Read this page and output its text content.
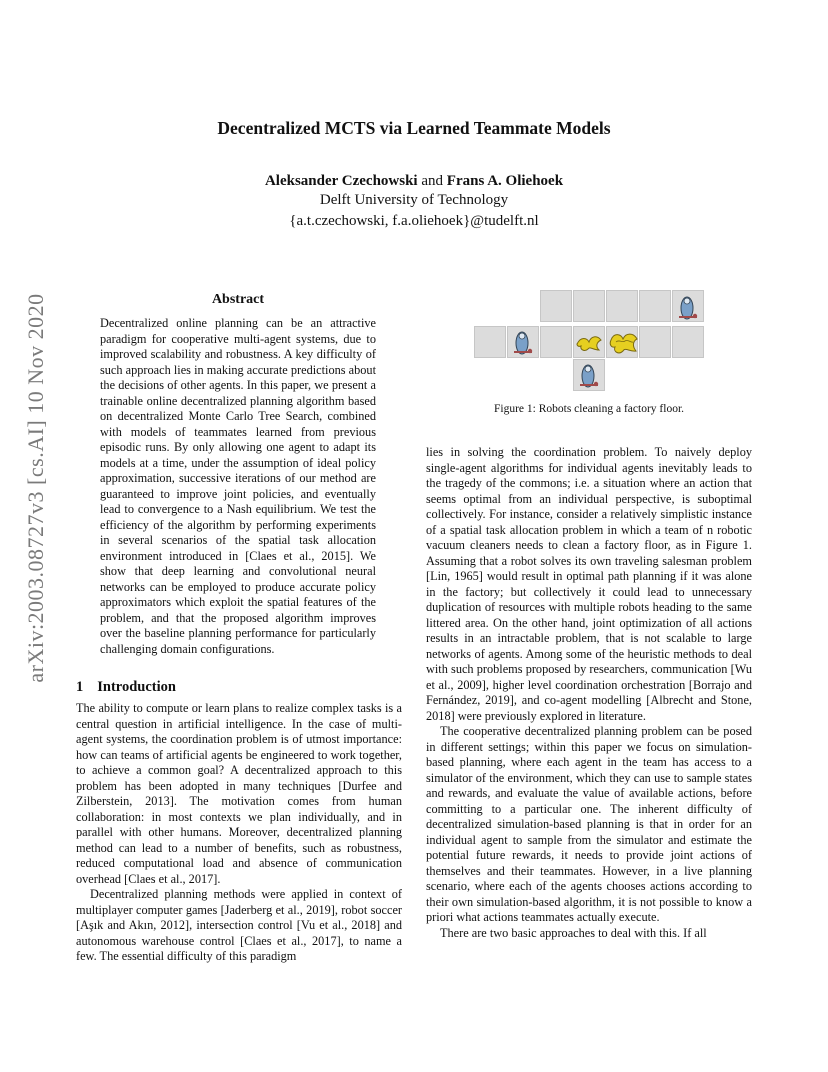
Decentralized MCTS via Learned Teammate Models
Aleksander Czechowski and Frans A. Oliehoek
Delft University of Technology
{a.t.czechowski, f.a.oliehoek}@tudelft.nl
arXiv:2003.08727v3 [cs.AI] 10 Nov 2020	Abstract
Decentralized online planning can be an attractive paradigm for cooperative multi-agent systems, due to improved scalability and robustness. A key difficulty of such approach lies in making accurate predictions about the decisions of other agents. In this paper, we present a trainable online decentralized planning algorithm based on decentralized Monte Carlo Tree Search, combined with models of teammates learned from previous episodic runs. By only allowing one agent to adapt its models at a time, under the assumption of ideal policy approximation, successive iterations of our method are guaranteed to improve joint policies, and eventually lead to convergence to a Nash equilibrium. We test the efficiency of the algorithm by performing experiments in several scenarios of the spatial task allocation environment introduced in [Claes et al., 2015]. We show that deep learning and convolutional neural networks can be employed to produce accurate policy approximators which exploit the spatial features of the problem, and that the proposed algorithm improves over the baseline planning performance for particularly challenging domain configurations.
1 Introduction

The ability to compute or learn plans to realize complex tasks is a central question in artificial intelligence. In the case of multi-agent systems, the coordination problem is of utmost importance: how can teams of artificial agents be engineered to work together, to achieve a common goal? A decentralized approach to this problem has been adopted in many techniques [Durfee and Zilberstein, 2013]. The motivation comes from human collaboration: in most contexts we plan individually, and in parallel with other humans. Moreover, decentralized planning method can lead to a number of benefits, such as robustness, reduced computational load and absence of communication overhead [Claes et al., 2017].

Decentralized planning methods were applied in context of multiplayer computer games [Jaderberg et al., 2019], robot soccer [Aşık and Akın, 2012], intersection control [Vu et al., 2018] and autonomous warehouse control [Claes et al., 2017], to name a few. The essential difficulty of this paradigm

lies in solving the coordination problem. To naively deploy single-agent algorithms for individual agents inevitably leads to the tragedy of the commons; i.e. a situation where an action that seems optimal from an individual perspective, is suboptimal collectively. For instance, consider a relatively simplistic instance of a spatial task allocation problem in which a team of n robotic vacuum cleaners needs to clean a factory floor, as in Figure 1. Assuming that a robot solves its own traveling salesman problem [Lin, 1965] would result in optimal path planning if it was alone in the factory; but collectively it could lead to unnecessary duplication of resources with multiple robots heading to the same littered area. On the other hand, joint optimization of all actions results in an intractable problem, that is not scalable to large networks of agents. Among some of the heuristic methods to deal with such problems proposed by researchers, communication [Wu et al., 2009], higher level coordination orchestration [Borrajo and Fernández, 2019], and co-agent modelling [Albrecht and Stone, 2018] were previously explored in literature.

The cooperative decentralized planning problem can be posed in different settings; within this paper we focus on simulation-based planning, where each agent in the team has access to a simulator of the environment, which they can use to sample states and rewards, and evaluate the value of available actions, before committing to a particular one. The inherent difficulty of decentralized simulation-based planning is that in order for an individual agent to sample from the simulator and estimate the potential future rewards, it needs to provide joint actions of themselves and their teammates. However, in a live planning scenario, where each of the agents chooses actions according to their own simulation-based algorithm, it is not possible to know a priori what actions teammates actually execute.

There are two basic approaches to deal with this. If all

Figure 1: Robots cleaning a factory floor.
